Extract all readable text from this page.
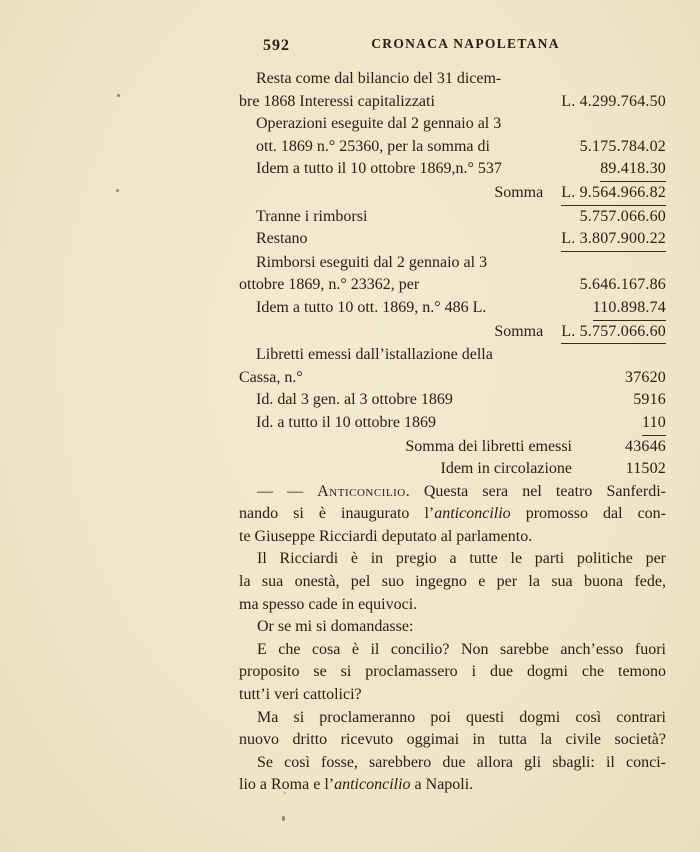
592	CRONACA NAPOLETANA
Resta come dal bilancio del 31 dicem-
bre 1868 Interessi capitalizzati	L. 4.299.764.50
Operazioni eseguite dal 2 gennaio al 3
ott. 1869 n.° 25360, per la somma di	5.175.784.02
Idem a tutto il 10 ottobre 1869,n.° 537	89.418.30
Somma L. 9.564.966.82
Tranne i rimborsi	5.757.066.60
Restano	L. 3.807.900.22
Rimborsi eseguiti dal 2 gennaio al 3
ottobre 1869, n.° 23362, per	5.646.167.86
Idem a tutto 10 ott. 1869, n.° 486 L.	110.898.74
Somma L. 5.757.066.60
Libretti emessi dall’istallazione della
Cassa, n.°	37620
Id. dal 3 gen. al 3 ottobre 1869	5916
Id. a tutto il 10 ottobre 1869	110
Somma dei libretti emessi	43646
Idem in circolazione	11502
— — Anticoncilio. Questa sera nel teatro Sanferdi-
nando si è inaugurato l’anticoncilio promosso dal con-
te Giuseppe Ricciardi deputato al parlamento.
Il Ricciardi è in pregio a tutte le parti politiche per
la sua onestà, pel suo ingegno e per la sua buona fede,
ma spesso cade in equivoci.
Or se mi si domandasse:
E che cosa è il concilio? Non sarebbe anch’esso fuori
proposito se si proclamassero i due dogmi che temono
tutt’i veri cattolici?
Ma si proclameranno poi questi dogmi così contrari
nuovo dritto ricevuto oggimai in tutta la civile società?
Se così fosse, sarebbero due allora gli sbagli: il conci-
lio a Roma e l’anticoncilio a Napoli.
